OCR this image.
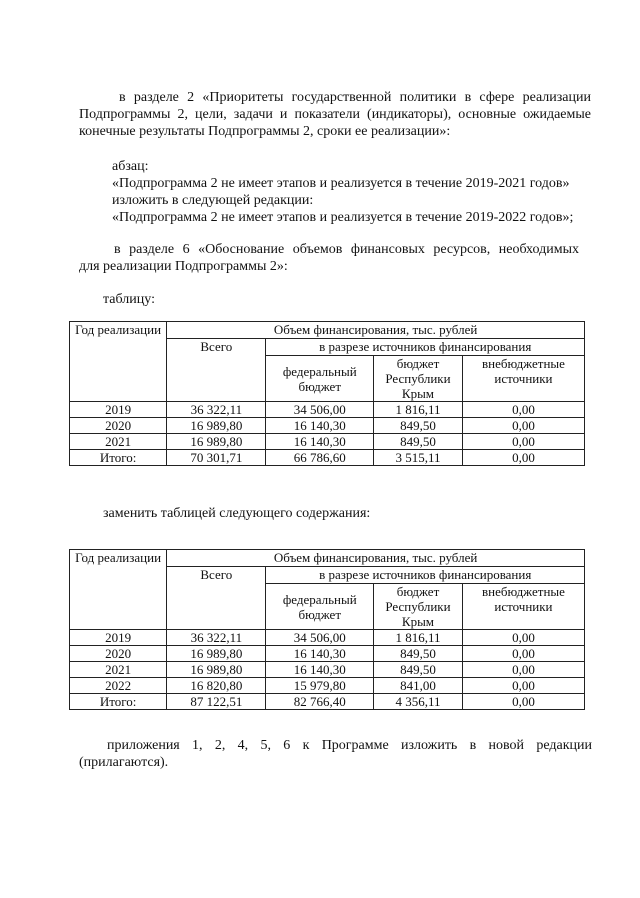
в разделе 2 «Приоритеты государственной политики в сфере реализации
Подпрограммы 2, цели, задачи и показатели (индикаторы), основные ожидаемые
конечные результаты Подпрограммы 2, сроки ее реализации»:
абзац:
«Подпрограмма 2 не имеет этапов и реализуется в течение 2019-2021 годов»
изложить в следующей редакции:
«Подпрограмма 2 не имеет этапов и реализуется в течение 2019-2022 годов»;
в разделе 6 «Обоснование объемов финансовых ресурсов, необходимых
для реализации Подпрограммы 2»:
таблицу:
Год реализации	Объем финансирования, тыс. рублей			
	Всего	в разрезе источников финансирования		
		федеральный бюджет	бюджет Республики Крым	внебюджетные источники
2019	36 322,11	34 506,00	1 816,11	0,00
2020	16 989,80	16 140,30	849,50	0,00
2021	16 989,80	16 140,30	849,50	0,00
Итого:	70 301,71	66 786,60	3 515,11	0,00
заменить таблицей следующего содержания:
Год реализации	Объем финансирования, тыс. рублей			
	Всего	в разрезе источников финансирования		
		федеральный бюджет	бюджет Республики Крым	внебюджетные источники
2019	36 322,11	34 506,00	1 816,11	0,00
2020	16 989,80	16 140,30	849,50	0,00
2021	16 989,80	16 140,30	849,50	0,00
2022	16 820,80	15 979,80	841,00	0,00
Итого:	87 122,51	82 766,40	4 356,11	0,00
приложения 1, 2, 4, 5, 6 к Программе изложить в новой редакции
(прилагаются).
